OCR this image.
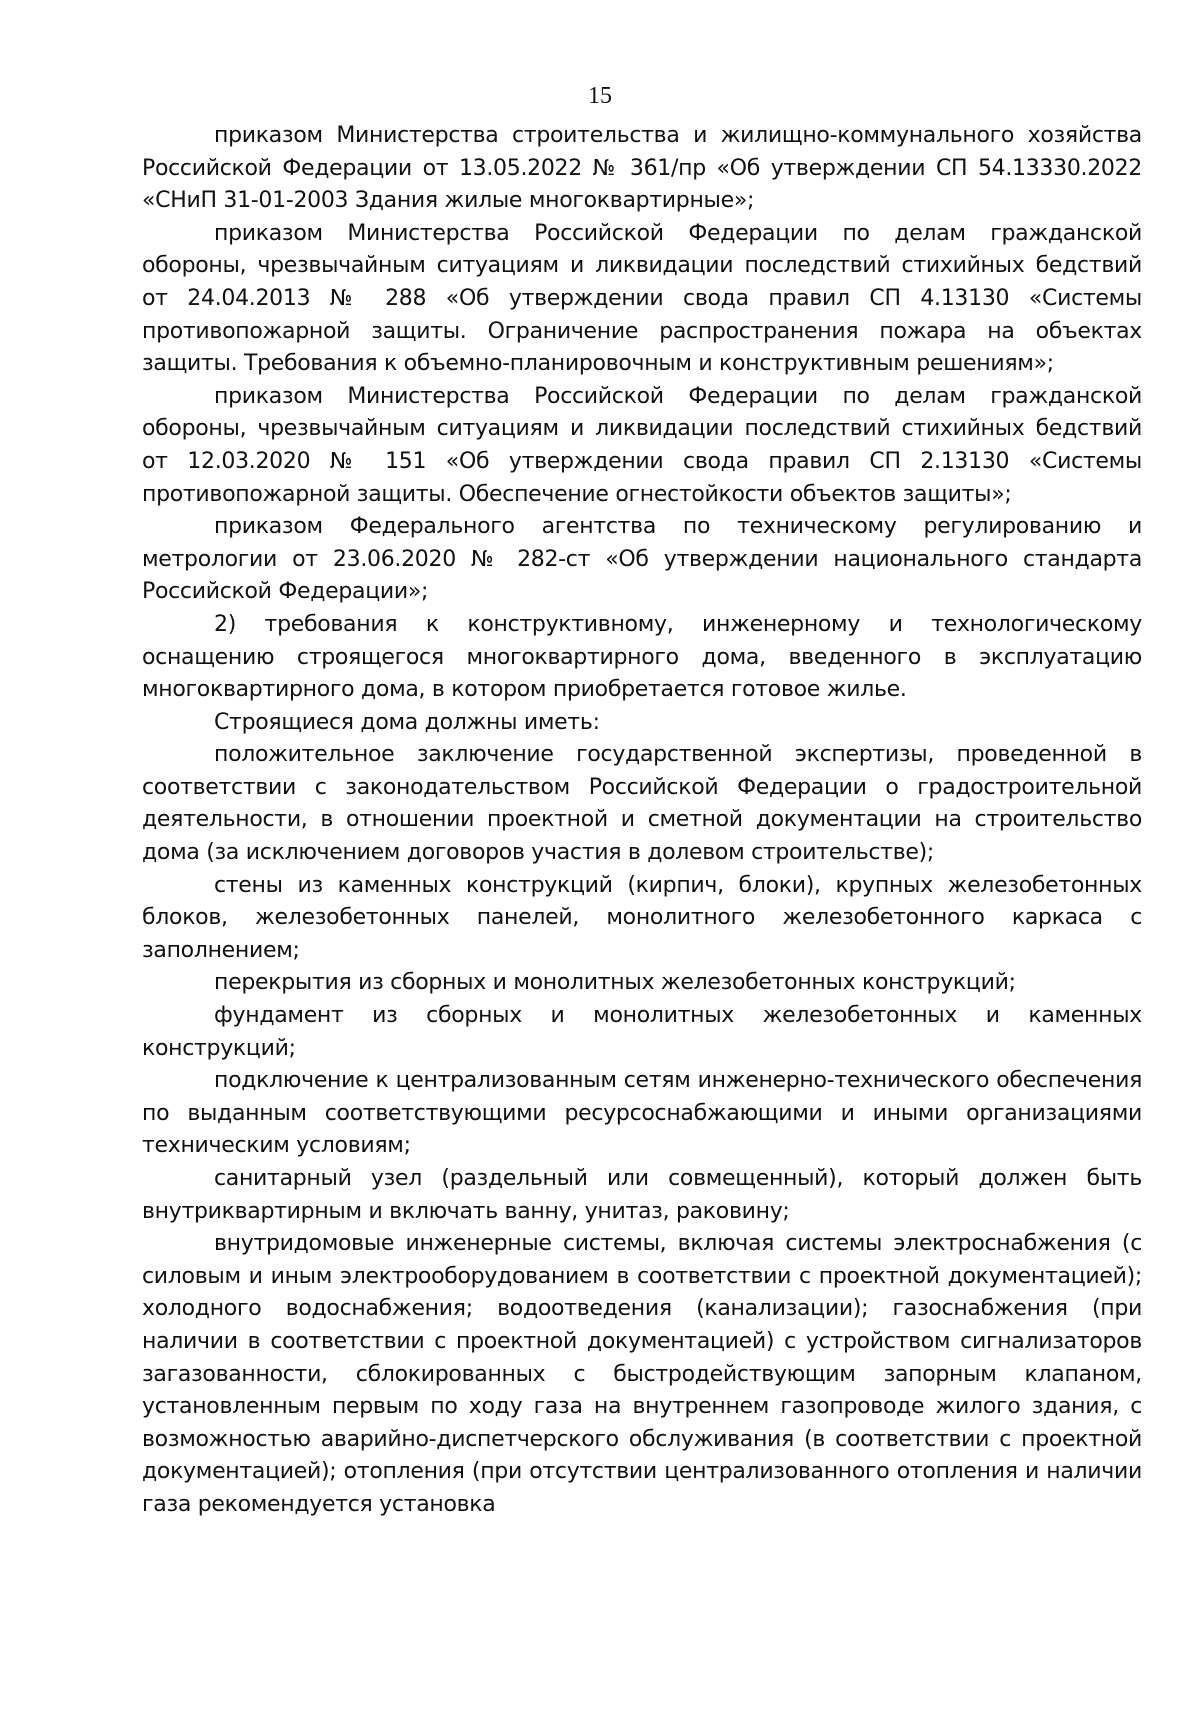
15

приказом Министерства строительства и жилищно-коммунального хозяйства Российской Федерации от 13.05.2022 № 361/пр «Об утверждении СП 54.13330.2022 «СНиП 31-01-2003 Здания жилые многоквартирные»;

приказом Министерства Российской Федерации по делам гражданской обороны, чрезвычайным ситуациям и ликвидации последствий стихийных бедствий от 24.04.2013 № 288 «Об утверждении свода правил СП 4.13130 «Системы противопожарной защиты. Ограничение распространения пожара на объектах защиты. Требования к объемно-планировочным и конструктивным решениям»;

приказом Министерства Российской Федерации по делам гражданской обороны, чрезвычайным ситуациям и ликвидации последствий стихийных бедствий от 12.03.2020 № 151 «Об утверждении свода правил СП 2.13130 «Системы противопожарной защиты. Обеспечение огнестойкости объектов защиты»;

приказом Федерального агентства по техническому регулированию и метрологии от 23.06.2020 № 282-ст «Об утверждении национального стандарта Российской Федерации»;

2) требования к конструктивному, инженерному и технологическому оснащению строящегося многоквартирного дома, введенного в эксплуатацию многоквартирного дома, в котором приобретается готовое жилье.

Строящиеся дома должны иметь:

положительное заключение государственной экспертизы, проведенной в соответствии с законодательством Российской Федерации о градостроительной деятельности, в отношении проектной и сметной документации на строительство дома (за исключением договоров участия в долевом строительстве);

стены из каменных конструкций (кирпич, блоки), крупных железобетонных блоков, железобетонных панелей, монолитного железобетонного каркаса с заполнением;

перекрытия из сборных и монолитных железобетонных конструкций;

фундамент из сборных и монолитных железобетонных и каменных конструкций;

подключение к централизованным сетям инженерно-технического обеспечения по выданным соответствующими ресурсоснабжающими и иными организациями техническим условиям;

санитарный узел (раздельный или совмещенный), который должен быть внутриквартирным и включать ванну, унитаз, раковину;

внутридомовые инженерные системы, включая системы электроснабжения (с силовым и иным электрооборудованием в соответствии с проектной документацией); холодного водоснабжения; водоотведения (канализации); газоснабжения (при наличии в соответствии с проектной документацией) с устройством сигнализаторов загазованности, сблокированных с быстродействующим запорным клапаном, установленным первым по ходу газа на внутреннем газопроводе жилого здания, с возможностью аварийно-диспетчерского обслуживания (в соответствии с проектной документацией); отопления (при отсутствии централизованного отопления и наличии газа рекомендуется установка
